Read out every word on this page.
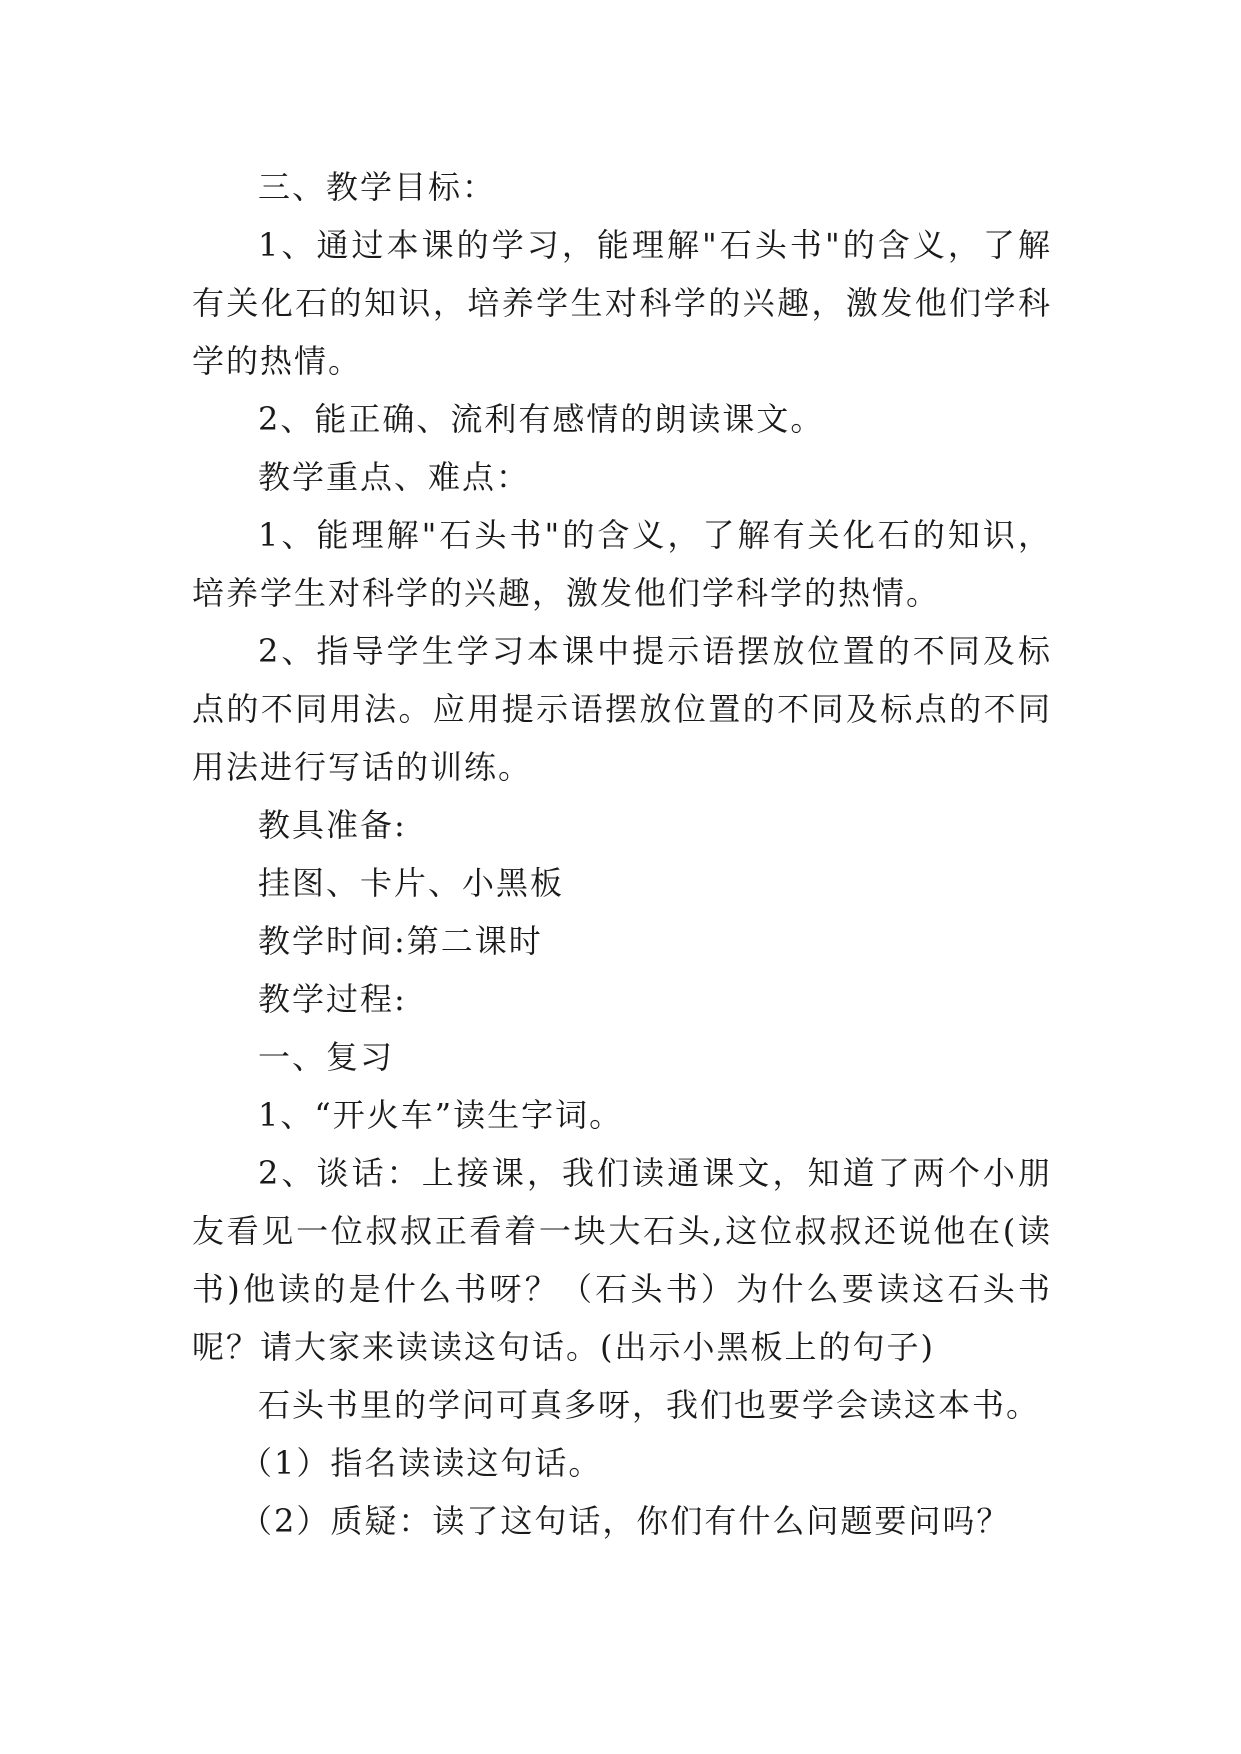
三、教学目标：

1、通过本课的学习，能理解"石头书"的含义，了解有关化石的知识，培养学生对科学的兴趣，激发他们学科学的热情。

2、能正确、流利有感情的朗读课文。

教学重点、难点：

1、能理解"石头书"的含义，了解有关化石的知识，培养学生对科学的兴趣，激发他们学科学的热情。

2、指导学生学习本课中提示语摆放位置的不同及标点的不同用法。应用提示语摆放位置的不同及标点的不同用法进行写话的训练。

教具准备:

挂图、卡片、小黑板

教学时间:第二课时

教学过程:

一、复习

1、“开火车”读生字词。

2、谈话：上接课，我们读通课文，知道了两个小朋友看见一位叔叔正看着一块大石头,这位叔叔还说他在(读书)他读的是什么书呀？（石头书）为什么要读这石头书呢？请大家来读读这句话。(出示小黑板上的句子)

石头书里的学问可真多呀，我们也要学会读这本书。

（1）指名读读这句话。

（2）质疑：读了这句话，你们有什么问题要问吗？
